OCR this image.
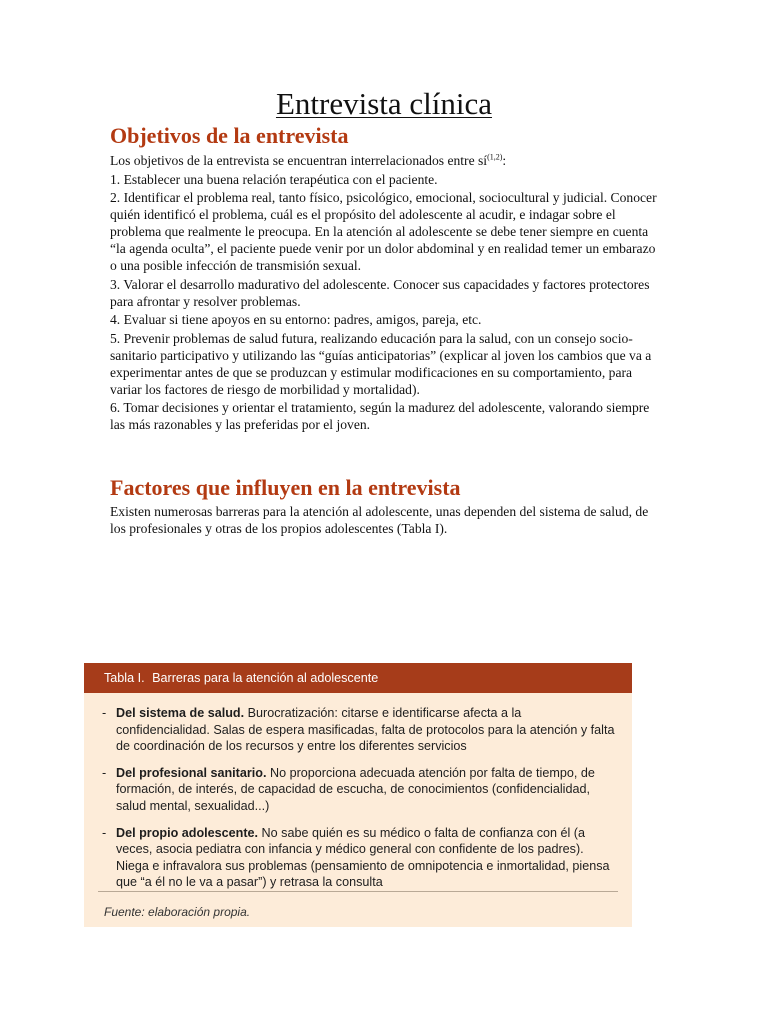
Entrevista clínica
Objetivos de la entrevista

Los objetivos de la entrevista se encuentran interrelacionados entre sí$^{(1,2)}$:

1. Establecer una buena relación terapéutica con el paciente.

2. Identificar el problema real, tanto físico, psicológico, emocional, sociocultural y judicial. Conocer quién identificó el problema, cuál es el propósito del adolescente al acudir, e indagar sobre el problema que realmente le preocupa. En la atención al adolescente se debe tener siempre en cuenta “la agenda oculta”, el paciente puede venir por un dolor abdominal y en realidad temer un embarazo o una posible infección de transmisión sexual.

3. Valorar el desarrollo madurativo del adolescente. Conocer sus capacidades y factores protectores para afrontar y resolver problemas.

4. Evaluar si tiene apoyos en su entorno: padres, amigos, pareja, etc.

5. Prevenir problemas de salud futura, realizando educación para la salud, con un consejo socio-sanitario participativo y utilizando las “guías anticipatorias” (explicar al joven los cambios que va a experimentar antes de que se produzcan y estimular modificaciones en su comportamiento, para variar los factores de riesgo de morbilidad y mortalidad).

6. Tomar decisiones y orientar el tratamiento, según la madurez del adolescente, valorando siempre las más razonables y las preferidas por el joven.

Factores que influyen en la entrevista

Existen numerosas barreras para la atención al adolescente, unas dependen del sistema de salud, de los profesionales y otras de los propios adolescentes (Tabla I).

Tabla I. Barreras para la atención al adolescente
- Del sistema de salud. Burocratización: citarse e identificarse afecta a la confidencialidad. Salas de espera masificadas, falta de protocolos para la atención y falta de coordinación de los recursos y entre los diferentes servicios
- Del profesional sanitario. No proporciona adecuada atención por falta de tiempo, de formación, de interés, de capacidad de escucha, de conocimientos (confidencialidad, salud mental, sexualidad...)
- Del propio adolescente. No sabe quién es su médico o falta de confianza con él (a veces, asocia pediatra con infancia y médico general con confidente de los padres). Niega e infravalora sus problemas (pensamiento de omnipotencia e inmortalidad, piensa que “a él no le va a pasar”) y retrasa la consulta
Fuente: elaboración propia.
